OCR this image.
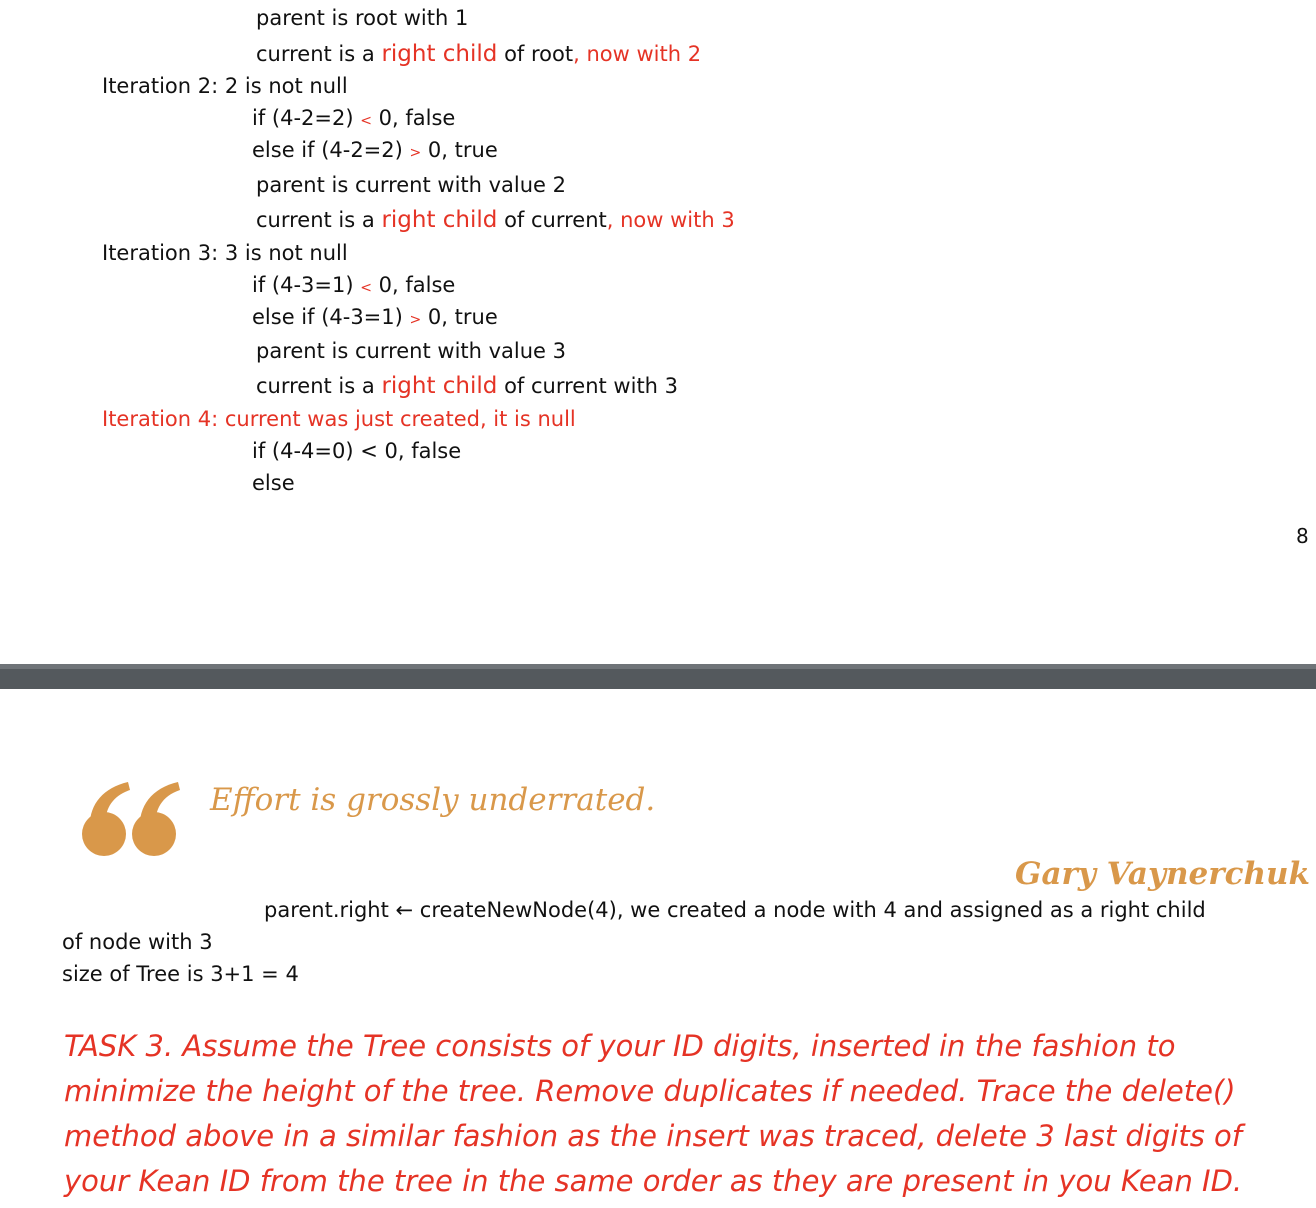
parent is root with 1
current is a right child of root, now with 2
Iteration 2: 2 is not null
if (4-2=2) < 0, false
else if (4-2=2) > 0, true
parent is current with value 2
current is a right child of current, now with 3
Iteration 3: 3 is not null
if (4-3=1) < 0, false
else if (4-3=1) > 0, true
parent is current with value 3
current is a right child of current with 3
Iteration 4: current was just created, it is null
if (4-4=0) < 0, false
else
8
Effort is grossly underrated.
Gary Vaynerchuk
parent.right ← createNewNode(4), we created a node with 4 and assigned as a right child
of node with 3
size of Tree is 3+1 = 4
TASK 3. Assume the Tree consists of your ID digits, inserted in the fashion to
minimize the height of the tree. Remove duplicates if needed. Trace the delete()
method above in a similar fashion as the insert was traced, delete 3 last digits of
your Kean ID from the tree in the same order as they are present in you Kean ID.
